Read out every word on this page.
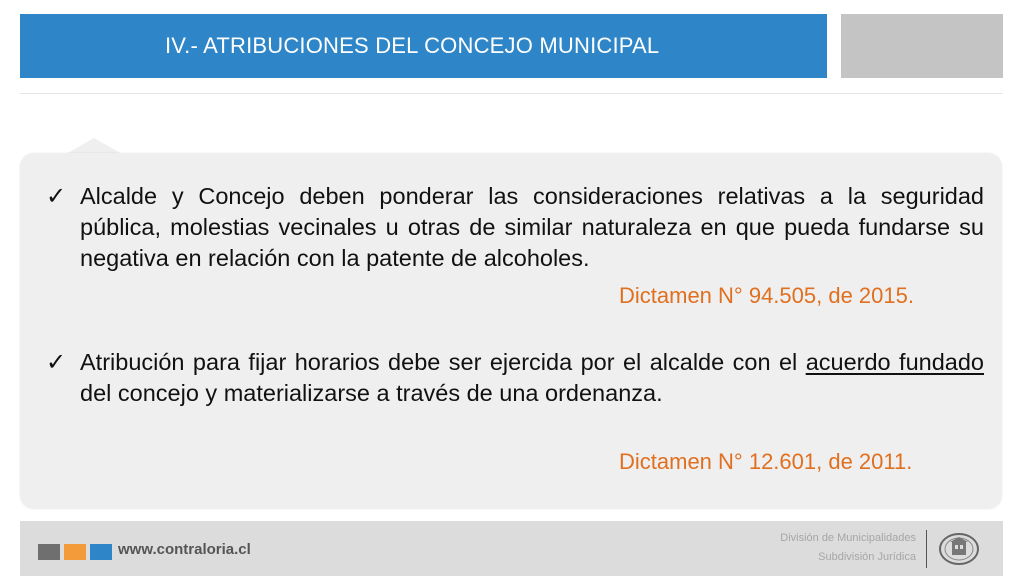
IV.- ATRIBUCIONES DEL CONCEJO MUNICIPAL
✓ Alcalde y Concejo deben ponderar las consideraciones relativas a la seguridad pública, molestias vecinales u otras de similar naturaleza en que pueda fundarse su negativa en relación con la patente de alcoholes.
Dictamen N° 94.505, de 2015.
✓ Atribución para fijar horarios debe ser ejercida por el alcalde con el acuerdo fundado del concejo y materializarse a través de una ordenanza.
Dictamen N° 12.601, de 2011.
www.contraloria.cl
División de Municipalidades
Subdivisión Jurídica
